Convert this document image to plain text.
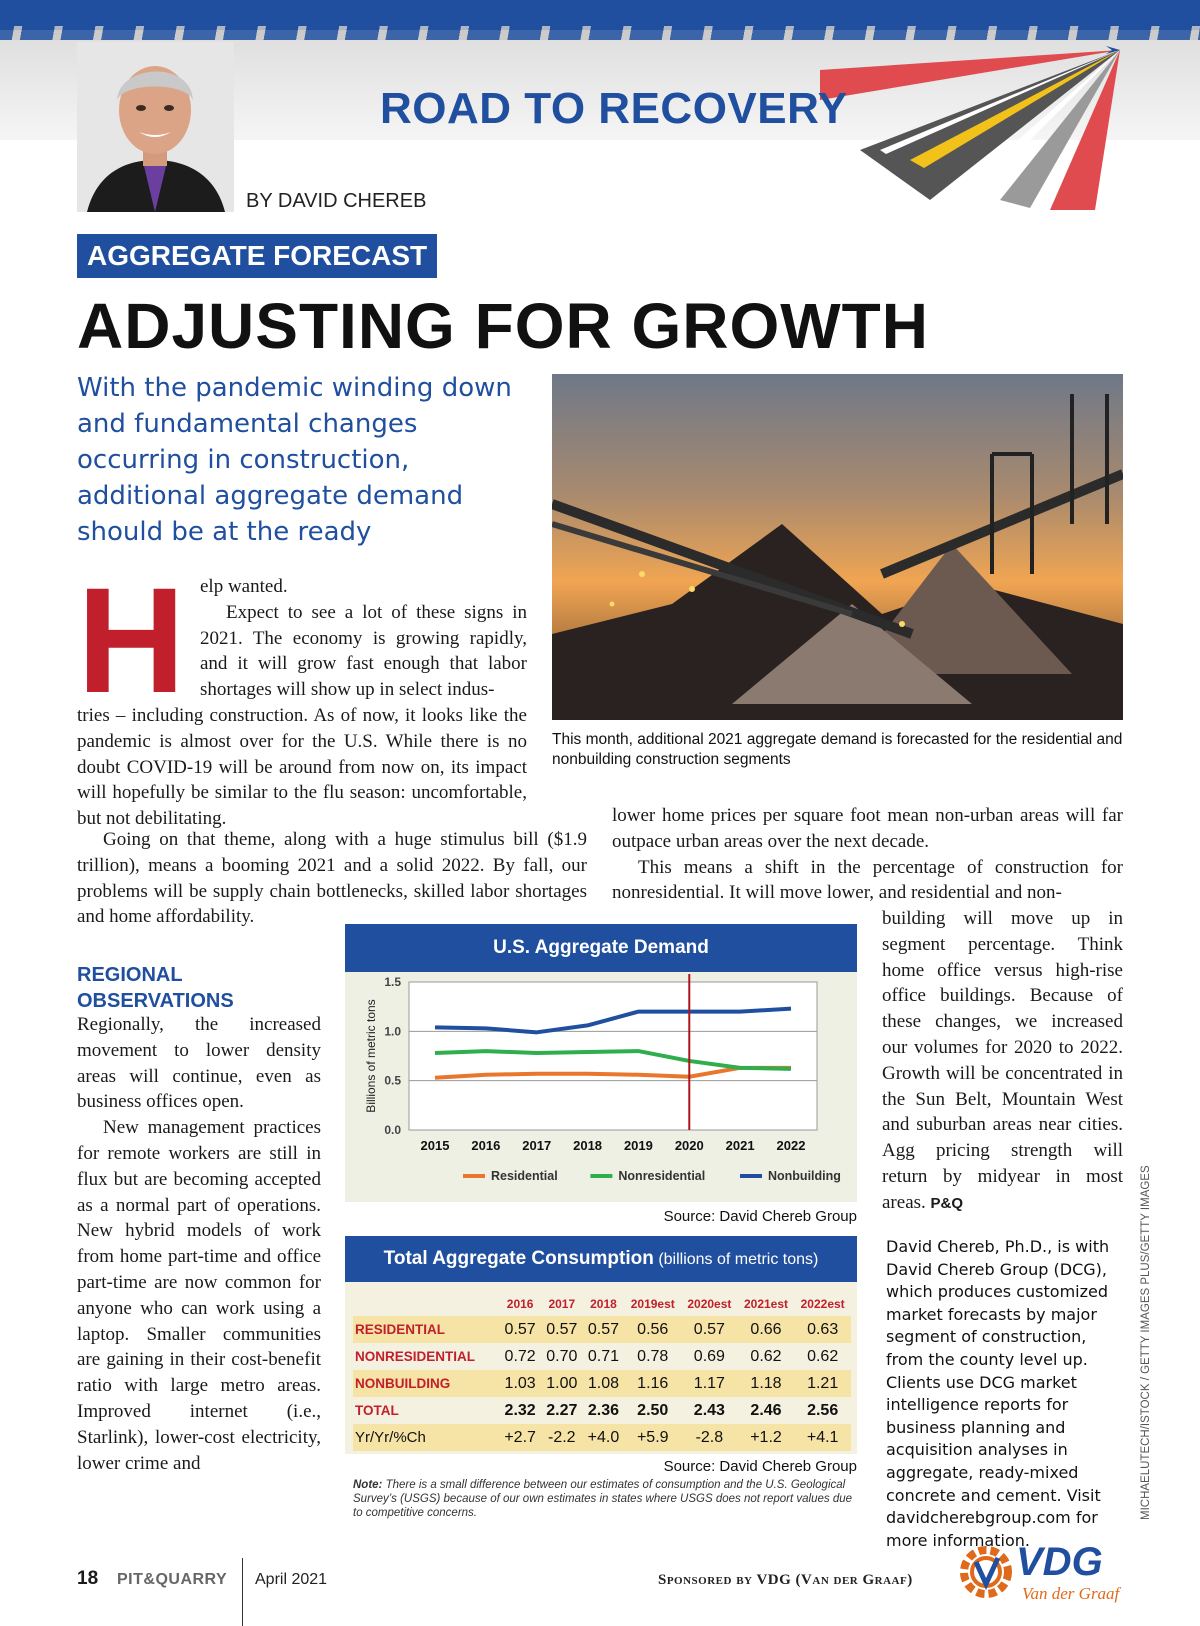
ROAD TO RECOVERY
BY DAVID CHEREB
AGGREGATE FORECAST
ADJUSTING FOR GROWTH
With the pandemic winding down and fundamental changes occurring in construction, additional aggregate demand should be at the ready
This month, additional 2021 aggregate demand is forecasted for the residential and nonbuilding construction segments
H elp wanted.
Expect to see a lot of these signs in 2021. The economy is growing rapidly, and it will grow fast enough that labor shortages will show up in select indus-
tries – including construction. As of now, it looks like the pandemic is almost over for the U.S. While there is no doubt COVID-19 will be around from now on, its impact will hopefully be similar to the flu season: uncomfortable, but not debilitating.
Going on that theme, along with a huge stimulus bill ($1.9 trillion), means a booming 2021 and a solid 2022. By fall, our problems will be supply chain bottlenecks, skilled labor shortages and home affordability.
REGIONAL OBSERVATIONS
Regionally, the increased movement to lower density areas will continue, even as business offices open.
New management practices for remote workers are still in flux but are becoming accepted as a normal part of operations. New hybrid models of work from home part-time and office part-time are now common for anyone who can work using a laptop. Smaller communities are gaining in their cost-benefit ratio with large metro areas. Improved internet (i.e., Starlink), lower-cost electricity, lower crime and
lower home prices per square foot mean non-urban areas will far outpace urban areas over the next decade.
This means a shift in the percentage of construction for nonresidential. It will move lower, and residential and non-
building will move up in segment percentage. Think home office versus high-rise office buildings. Because of these changes, we increased our volumes for 2020 to 2022. Growth will be concentrated in the Sun Belt, Mountain West and suburban areas near cities. Agg pricing strength will return by midyear in most areas. P&Q
U.S. Aggregate Demand
0.0
0.5
1.0
1.5
2015 2016 2017 2018 2019 2020 2021 2022
Billions of metric tons
Residential	Nonresidential	Nonbuilding
Source: David Chereb Group
Total Aggregate Consumption (billions of metric tons)
	2016	2017	2018	2019est	2020est	2021est	2022est
RESIDENTIAL	0.57	0.57	0.57	0.56	0.57	0.66	0.63
NONRESIDENTIAL	0.72	0.70	0.71	0.78	0.69	0.62	0.62
NONBUILDING	1.03	1.00	1.08	1.16	1.17	1.18	1.21
TOTAL	2.32	2.27	2.36	2.50	2.43	2.46	2.56
Yr/Yr/%Ch	+2.7	-2.2	+4.0	+5.9	-2.8	+1.2	+4.1
Source: David Chereb Group
Note: There is a small difference between our estimates of consumption and the U.S. Geological Survey’s (USGS) because of our own estimates in states where USGS does not report values due to competitive concerns.
David Chereb, Ph.D., is with David Chereb Group (DCG), which produces customized market forecasts by major segment of construction, from the county level up. Clients use DCG market intelligence reports for business planning and acquisition analyses in aggregate, ready-mixed concrete and cement. Visit davidcherebgroup.com for more information.
MICHAELUTECH/ISTOCK / GETTY IMAGES PLUS/GETTY IMAGES
18 PIT&QUARRY April 2021	Sponsored by VDG (Van der Graaf)	VDG
Van der Graaf
